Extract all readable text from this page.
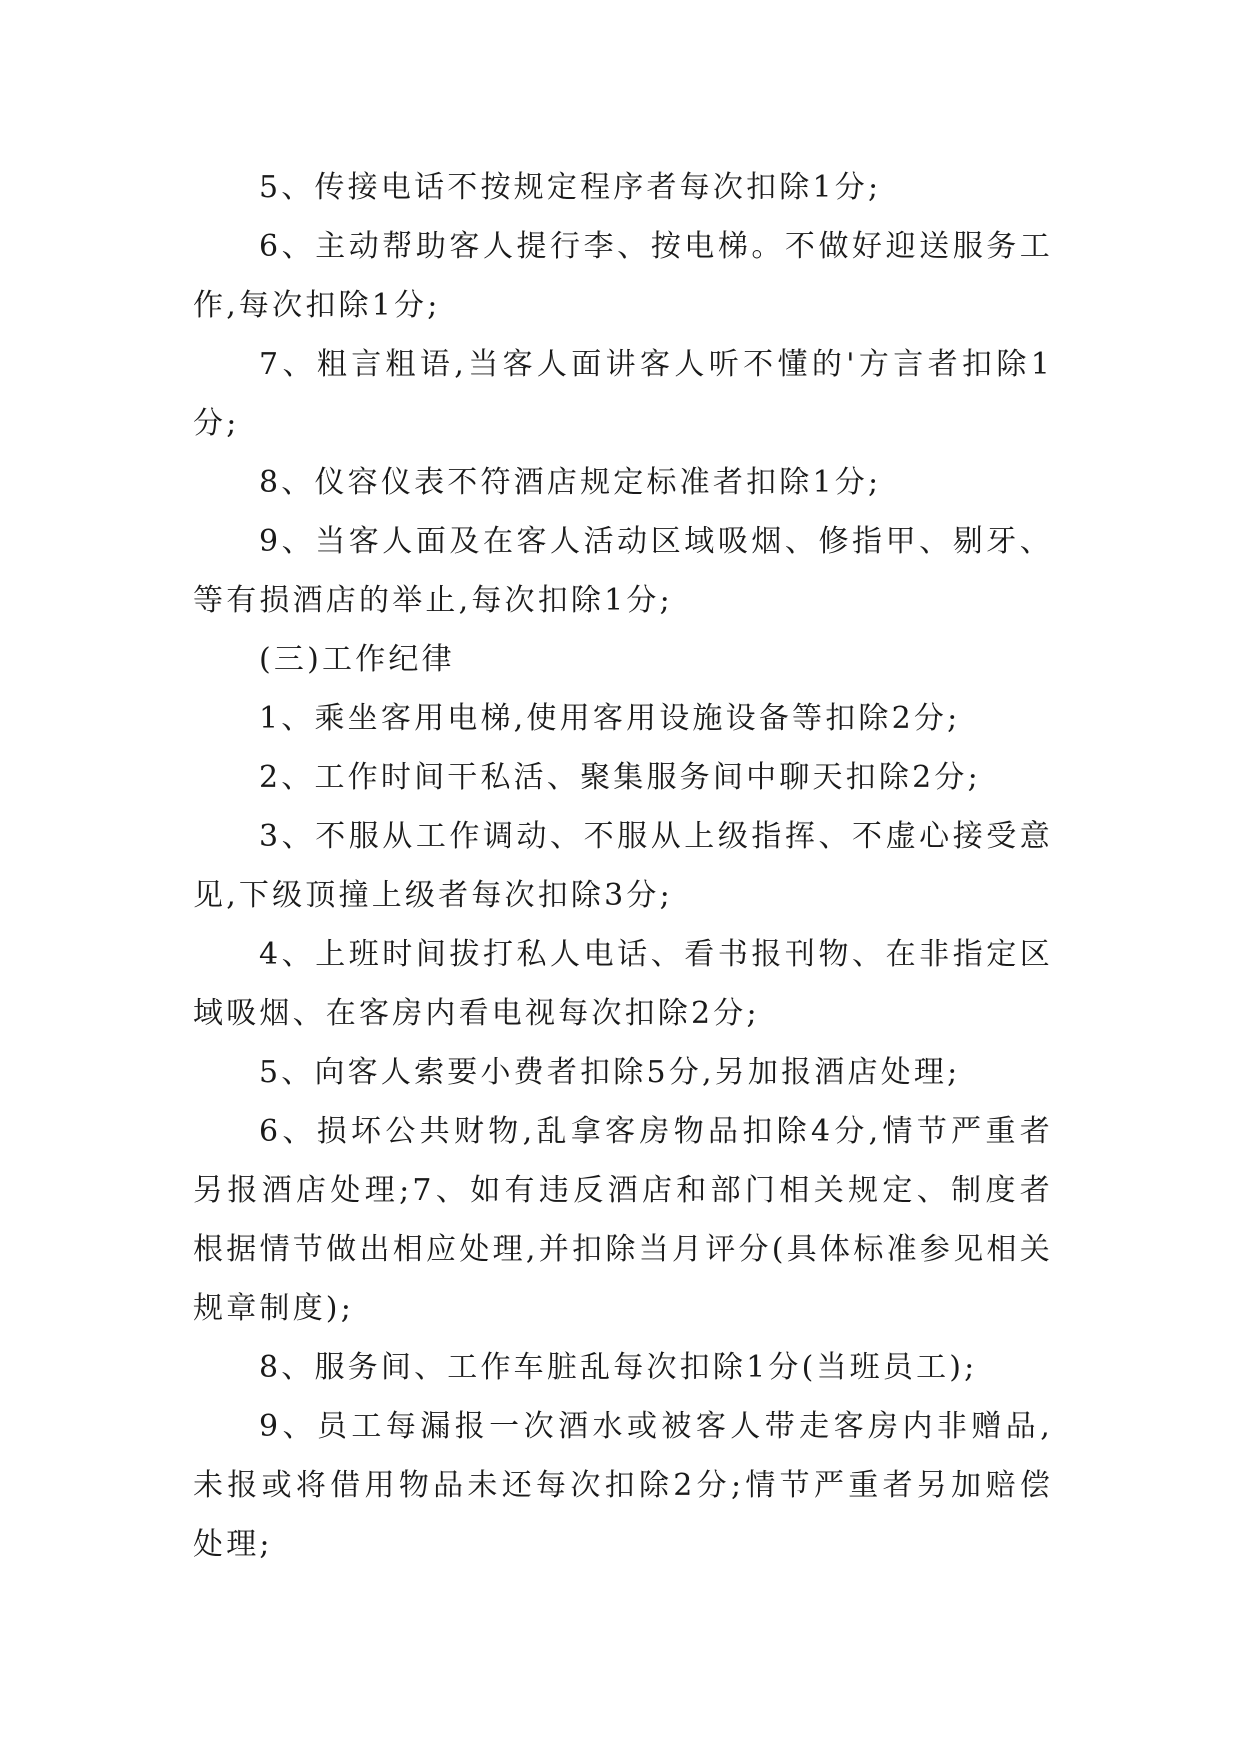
5、传接电话不按规定程序者每次扣除1分;

6、主动帮助客人提行李、按电梯。不做好迎送服务工作,每次扣除1分;

7、粗言粗语,当客人面讲客人听不懂的'方言者扣除1分;

8、仪容仪表不符酒店规定标准者扣除1分;

9、当客人面及在客人活动区域吸烟、修指甲、剔牙、等有损酒店的举止,每次扣除1分;

(三)工作纪律

1、乘坐客用电梯,使用客用设施设备等扣除2分;

2、工作时间干私活、聚集服务间中聊天扣除2分;

3、不服从工作调动、不服从上级指挥、不虚心接受意见,下级顶撞上级者每次扣除3分;

4、上班时间拔打私人电话、看书报刊物、在非指定区域吸烟、在客房内看电视每次扣除2分;

5、向客人索要小费者扣除5分,另加报酒店处理;

6、损坏公共财物,乱拿客房物品扣除4分,情节严重者另报酒店处理;7、如有违反酒店和部门相关规定、制度者根据情节做出相应处理,并扣除当月评分(具体标准参见相关规章制度);

8、服务间、工作车脏乱每次扣除1分(当班员工);

9、员工每漏报一次酒水或被客人带走客房内非赠品,未报或将借用物品未还每次扣除2分;情节严重者另加赔偿处理;
